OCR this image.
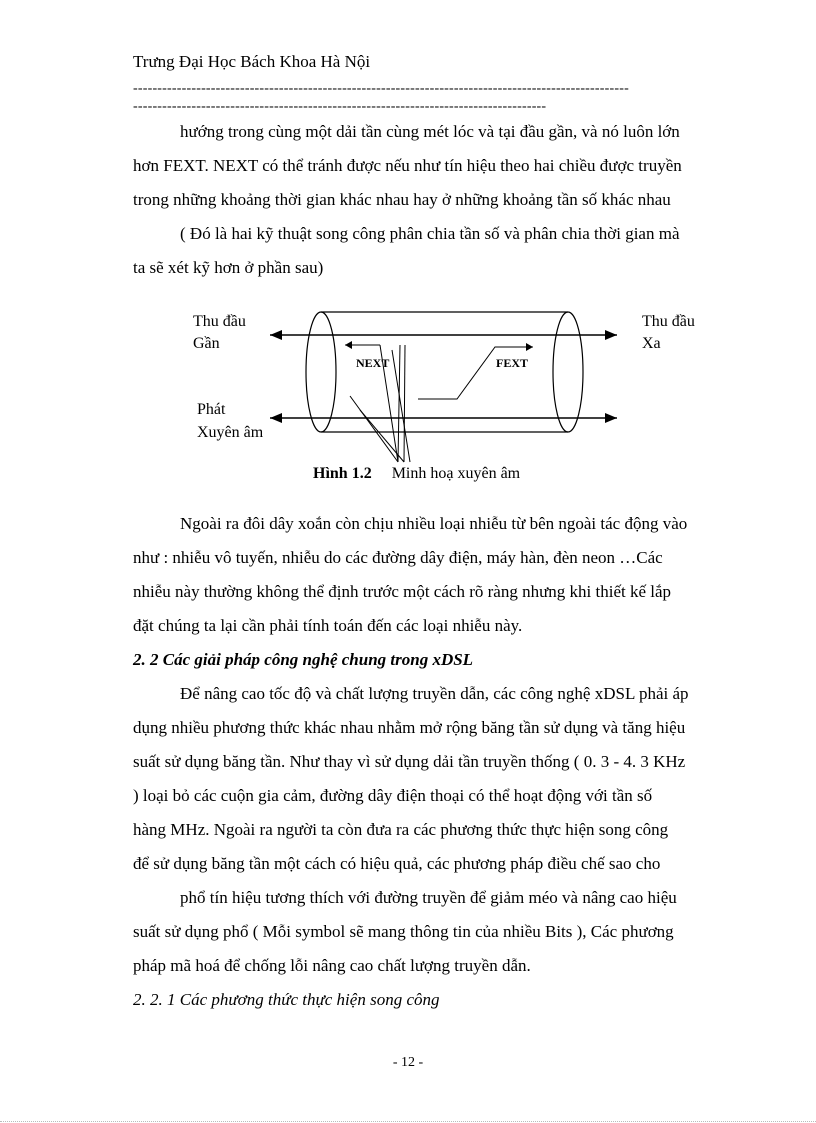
Trưng Đại Học Bách Khoa Hà Nội
------------------------------------------------------------------------------------------------------
-------------------------------------------------------------------------------------
hướng trong cùng một dải tần cùng mét lóc và tại đầu gần, và nó luôn lớn
hơn FEXT. NEXT có thể tránh được nếu như tín hiệu theo hai chiều được truyền
trong những khoảng thời gian khác nhau hay ở những khoảng tần số khác nhau
( Đó là hai kỹ thuật song công phân chia tần số và phân chia thời gian mà
ta sẽ xét kỹ hơn ở phần sau)
Thu đầu
Gần
Thu đầu
Xa
Phát
Xuyên âm
NEXT	FEXT
Hình 1.2 Minh hoạ xuyên âm
Ngoài ra đôi dây xoắn còn chịu nhiều loại nhiễu từ bên ngoài tác động vào
như : nhiễu vô tuyến, nhiễu do các đường dây điện, máy hàn, đèn neon …Các
nhiễu này thường không thể định trước một cách rõ ràng nhưng khi thiết kế lắp
đặt chúng ta lại cần phải tính toán đến các loại nhiễu này.
2. 2 Các giải pháp công nghệ chung trong xDSL
Để nâng cao tốc độ và chất lượng truyền dẫn, các công nghệ xDSL phải áp
dụng nhiều phương thức khác nhau nhằm mở rộng băng tần sử dụng và tăng hiệu
suất sử dụng băng tần. Như thay vì sử dụng dải tần truyền thống ( 0. 3 - 4. 3 KHz
) loại bỏ các cuộn gia cảm, đường dây điện thoại có thể hoạt động với tần số
hàng MHz. Ngoài ra người ta còn đưa ra các phương thức thực hiện song công
để sử dụng băng tần một cách có hiệu quả, các phương pháp điều chế sao cho
phổ tín hiệu tương thích với đường truyền để giảm méo và nâng cao hiệu
suất sử dụng phổ ( Mỗi symbol sẽ mang thông tin của nhiều Bits ), Các phương
pháp mã hoá để chống lỗi nâng cao chất lượng truyền dẫn.
2. 2. 1 Các phương thức thực hiện song công
- 12 -
